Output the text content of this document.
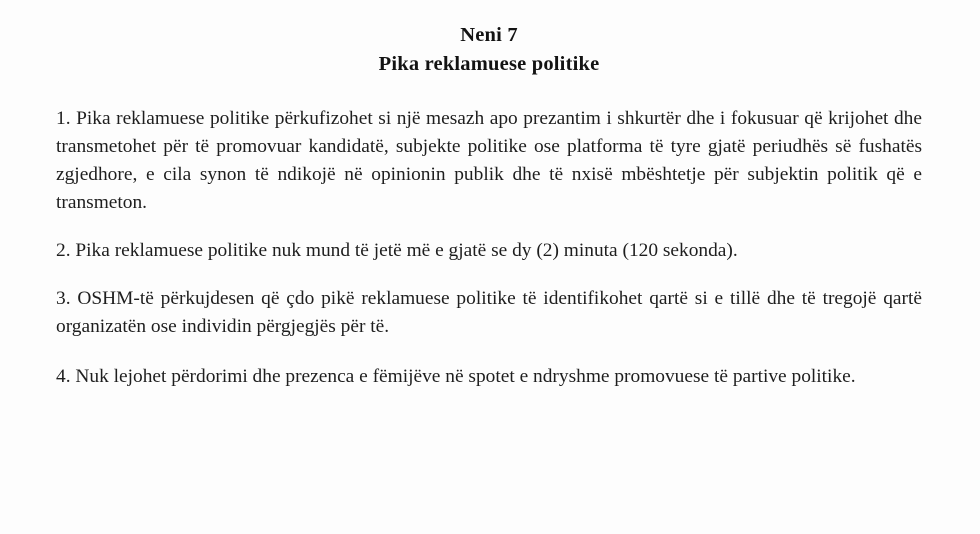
Neni 7
Pika reklamuese politike

1. Pika reklamuese politike përkufizohet si një mesazh apo prezantim i shkurtër dhe i fokusuar që krijohet dhe transmetohet për të promovuar kandidatë, subjekte politike ose platforma të tyre gjatë periudhës së fushatës zgjedhore, e cila synon të ndikojë në opinionin publik dhe të nxisë mbështetje për subjektin politik që e transmeton.

2. Pika reklamuese politike nuk mund të jetë më e gjatë se dy (2) minuta (120 sekonda).

3. OSHM-të përkujdesen që çdo pikë reklamuese politike të identifikohet qartë si e tillë dhe të tregojë qartë organizatën ose individin përgjegjës për të.

4. Nuk lejohet përdorimi dhe prezenca e fëmijëve në spotet e ndryshme promovuese të partive politike.
